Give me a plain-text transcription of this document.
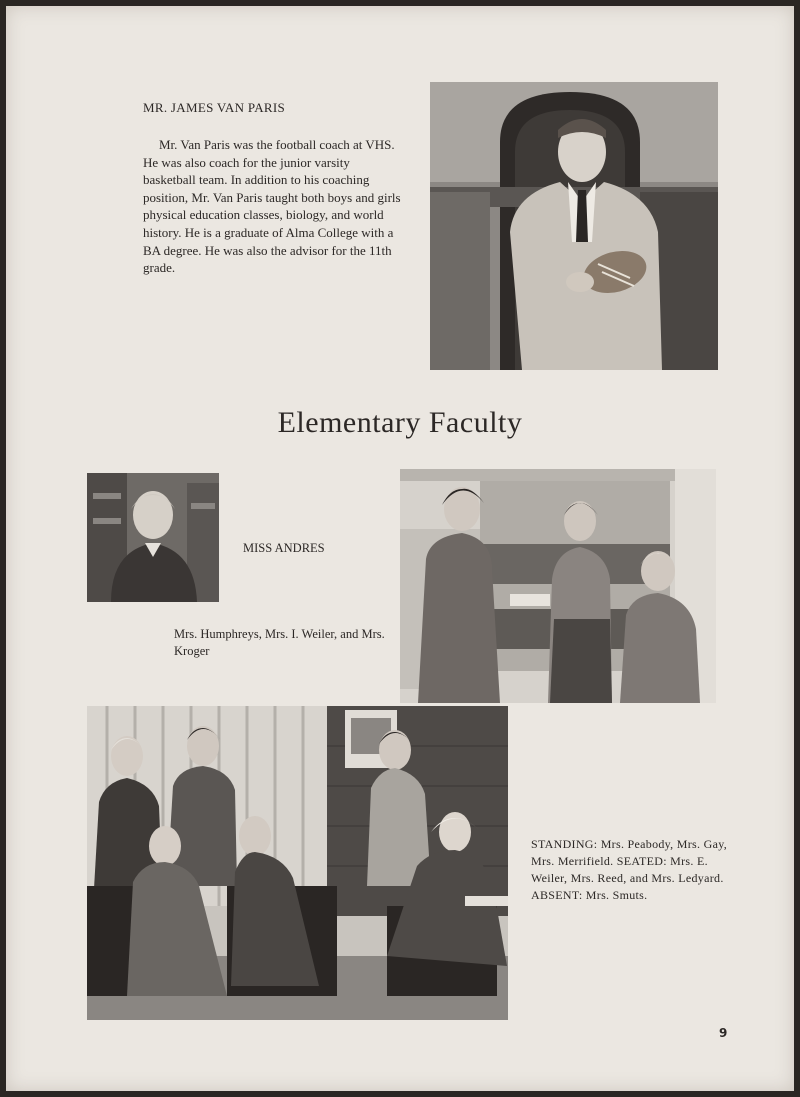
MR. JAMES VAN PARIS
Mr. Van Paris was the football coach at VHS. He was also coach for the junior varsity basketball team. In addition to his coaching position, Mr. Van Paris taught both boys and girls physical education classes, biology, and world history. He is a graduate of Alma College with a BA degree. He was also the advisor for the 11th grade.
Elementary Faculty
MISS ANDRES
Mrs. Humphreys, Mrs. I. Weiler, and Mrs. Kroger
STANDING: Mrs. Peabody, Mrs. Gay, Mrs. Merrifield. SEATED: Mrs. E. Weiler, Mrs. Reed, and Mrs. Ledyard. ABSENT: Mrs. Smuts.
9
